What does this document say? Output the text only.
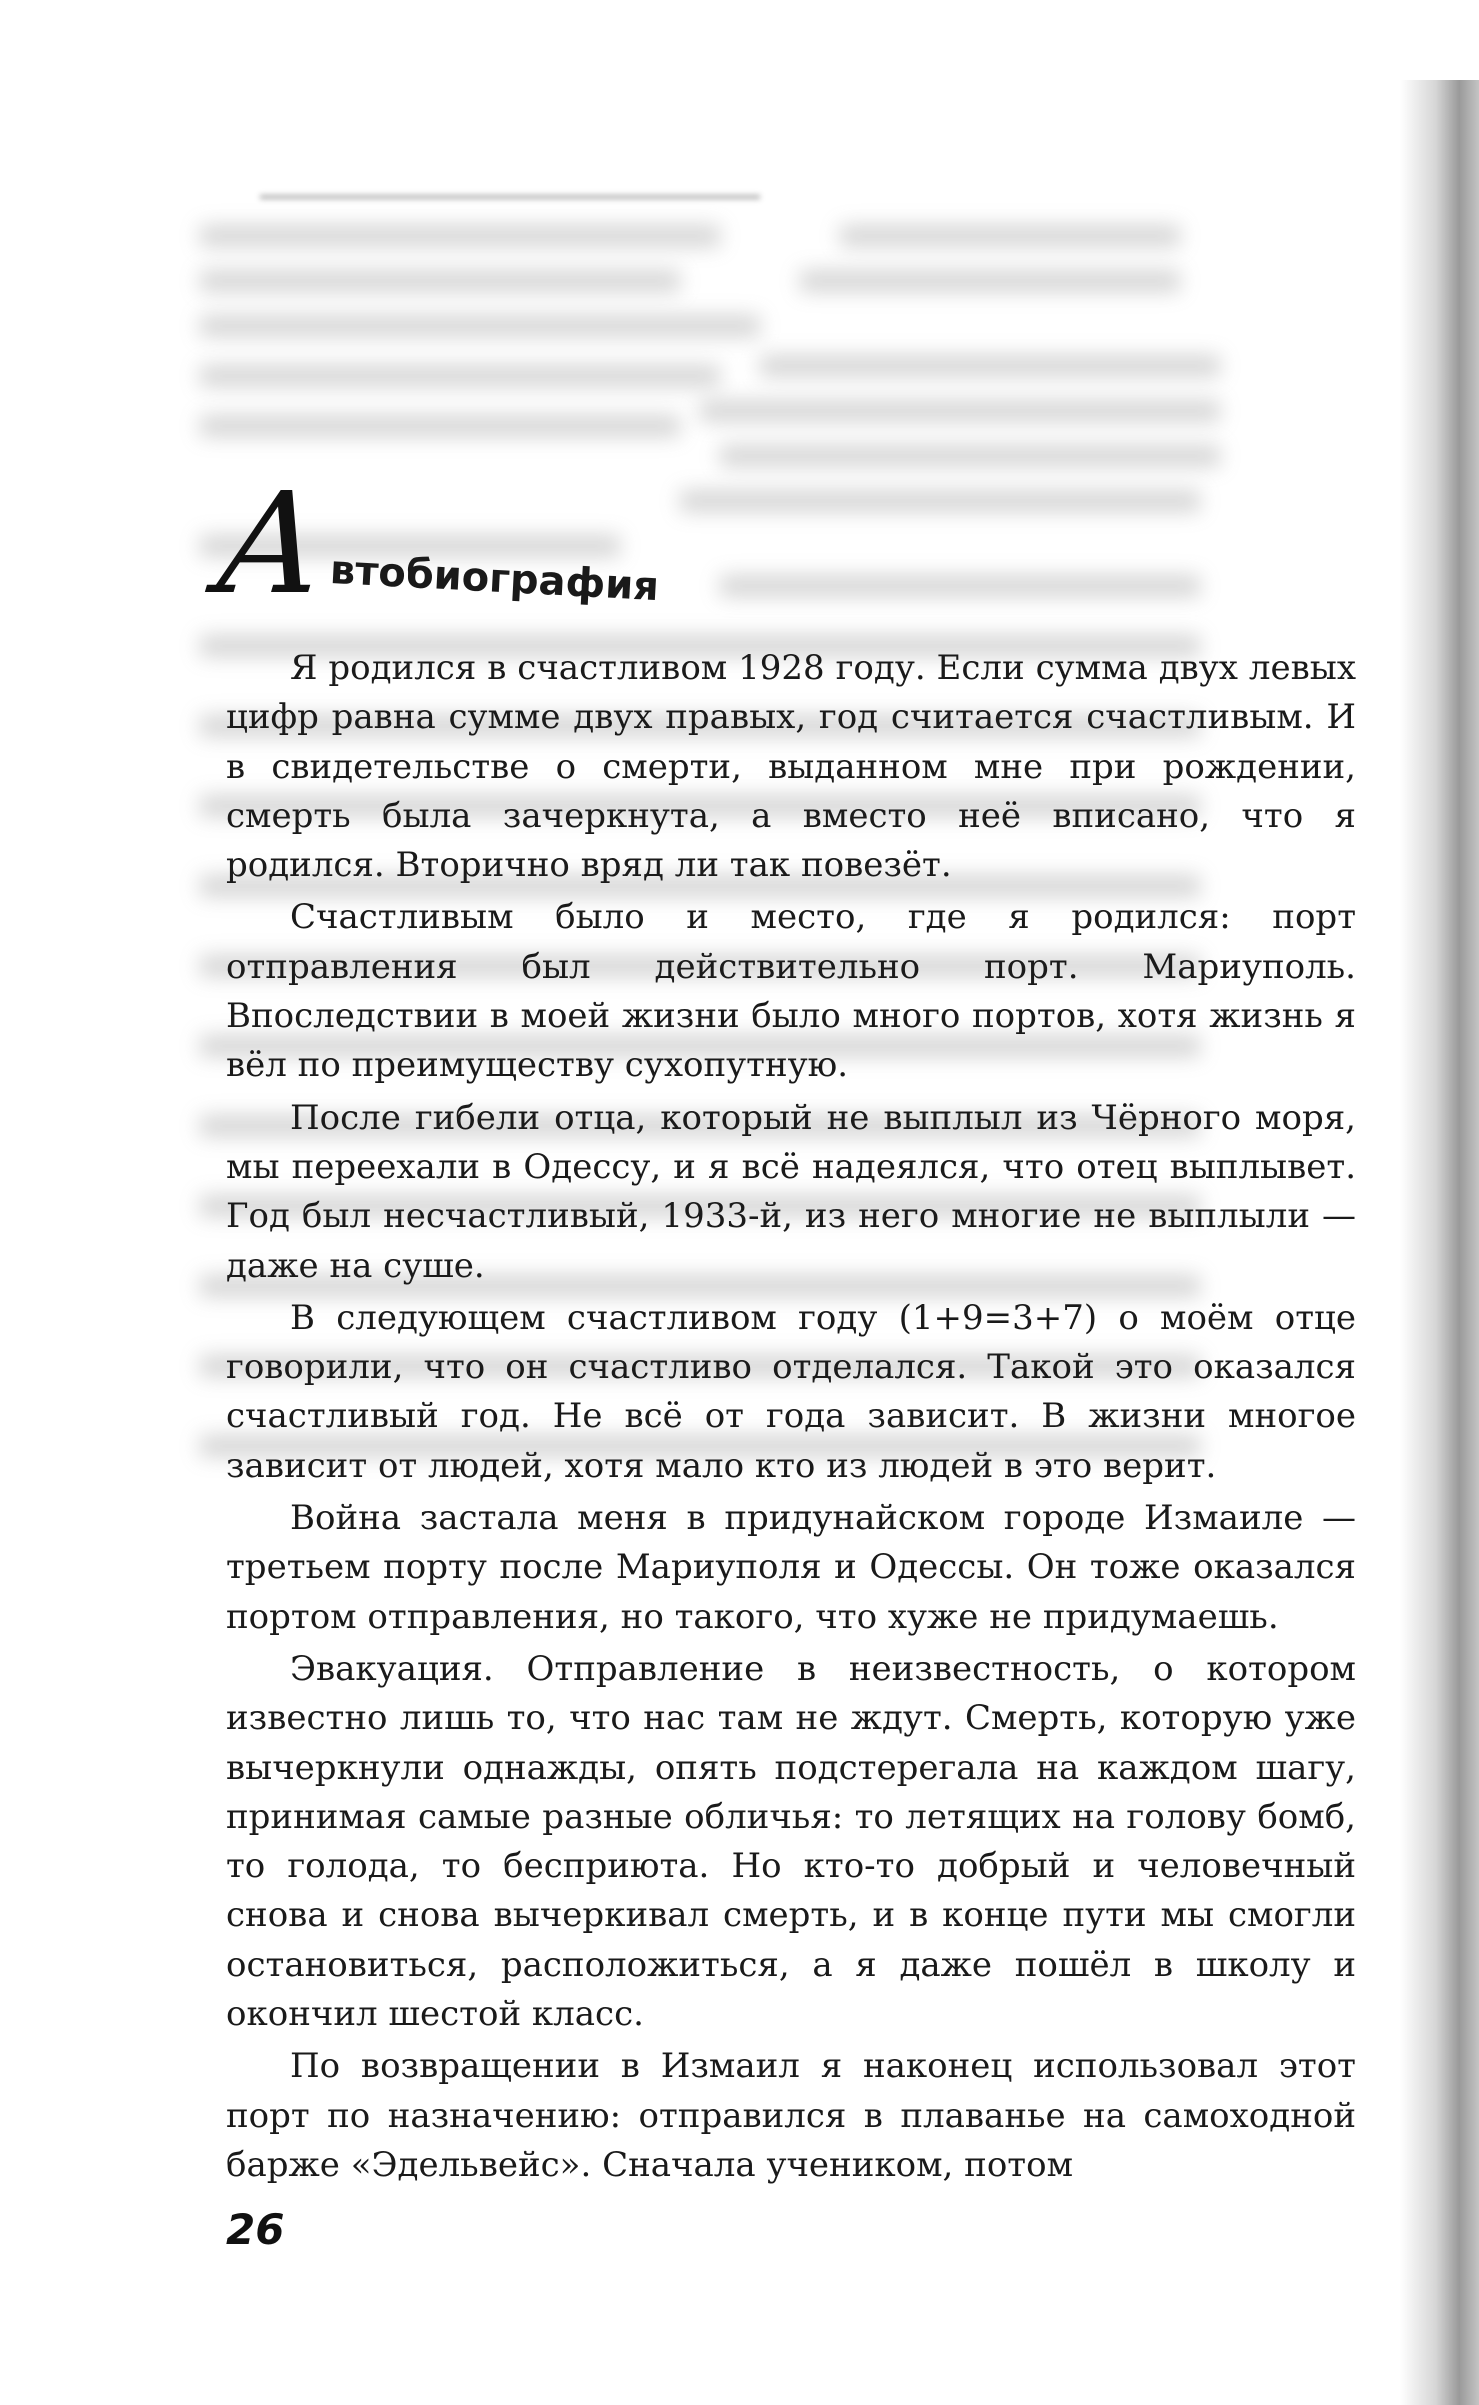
А
втобиография

Я родился в счастливом 1928 году. Если сумма двух левых цифр равна сумме двух правых, год считается счастливым. И в свидетельстве о смерти, выданном мне при рождении, смерть была зачеркнута, а вместо неё вписано, что я родился. Вторично вряд ли так повезёт.

Счастливым было и место, где я родился: порт отправления был действительно порт. Мариуполь. Впоследствии в моей жизни было много портов, хотя жизнь я вёл по преимуществу сухопутную.

После гибели отца, который не выплыл из Чёрного моря, мы переехали в Одессу, и я всё надеялся, что отец выплывет. Год был несчастливый, 1933-й, из него многие не выплыли — даже на суше.

В следующем счастливом году (1+9=3+7) о моём отце говорили, что он счастливо отделался. Такой это оказался счастливый год. Не всё от года зависит. В жизни многое зависит от людей, хотя мало кто из людей в это верит.

Война застала меня в придунайском городе Измаиле — третьем порту после Мариуполя и Одессы. Он тоже оказался портом отправления, но такого, что хуже не придумаешь.

Эвакуация. Отправление в неизвестность, о котором известно лишь то, что нас там не ждут. Смерть, которую уже вычеркнули однажды, опять подстерегала на каждом шагу, принимая самые разные обличья: то летящих на голову бомб, то голода, то бесприюта. Но кто-то добрый и человечный снова и снова вычеркивал смерть, и в конце пути мы смогли остановиться, расположиться, а я даже пошёл в школу и окончил шестой класс.

По возвращении в Измаил я наконец использовал этот порт по назначению: отправился в плаванье на самоходной барже «Эдельвейс». Сначала учеником, потом

26
